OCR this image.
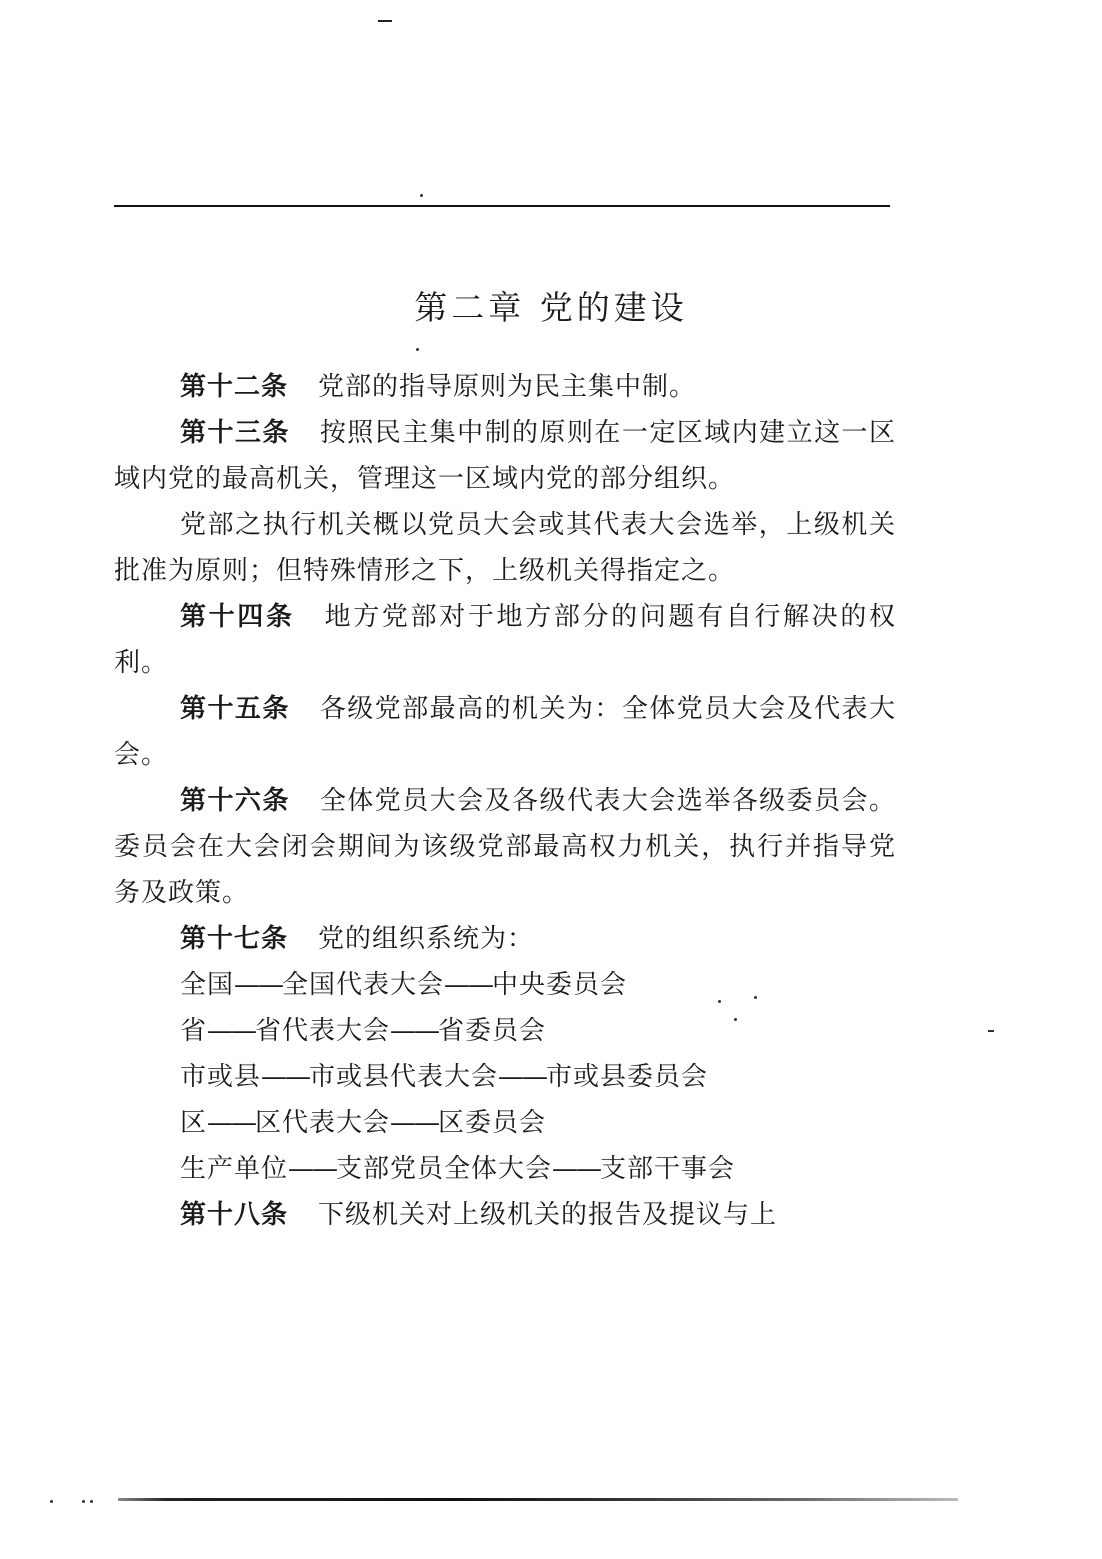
第二章 党的建设

第十二条 党部的指导原则为民主集中制。

第十三条 按照民主集中制的原则在一定区域内建立这一区域内党的最高机关，管理这一区域内党的部分组织。

党部之执行机关概以党员大会或其代表大会选举，上级机关批准为原则；但特殊情形之下，上级机关得指定之。

第十四条 地方党部对于地方部分的问题有自行解决的权利。

第十五条 各级党部最高的机关为：全体党员大会及代表大会。

第十六条 全体党员大会及各级代表大会选举各级委员会。委员会在大会闭会期间为该级党部最高权力机关，执行并指导党务及政策。

第十七条 党的组织系统为：

全国——全国代表大会——中央委员会
省——省代表大会——省委员会
市或县——市或县代表大会——市或县委员会
区——区代表大会——区委员会
生产单位——支部党员全体大会——支部干事会

第十八条 下级机关对上级机关的报告及提议与上
